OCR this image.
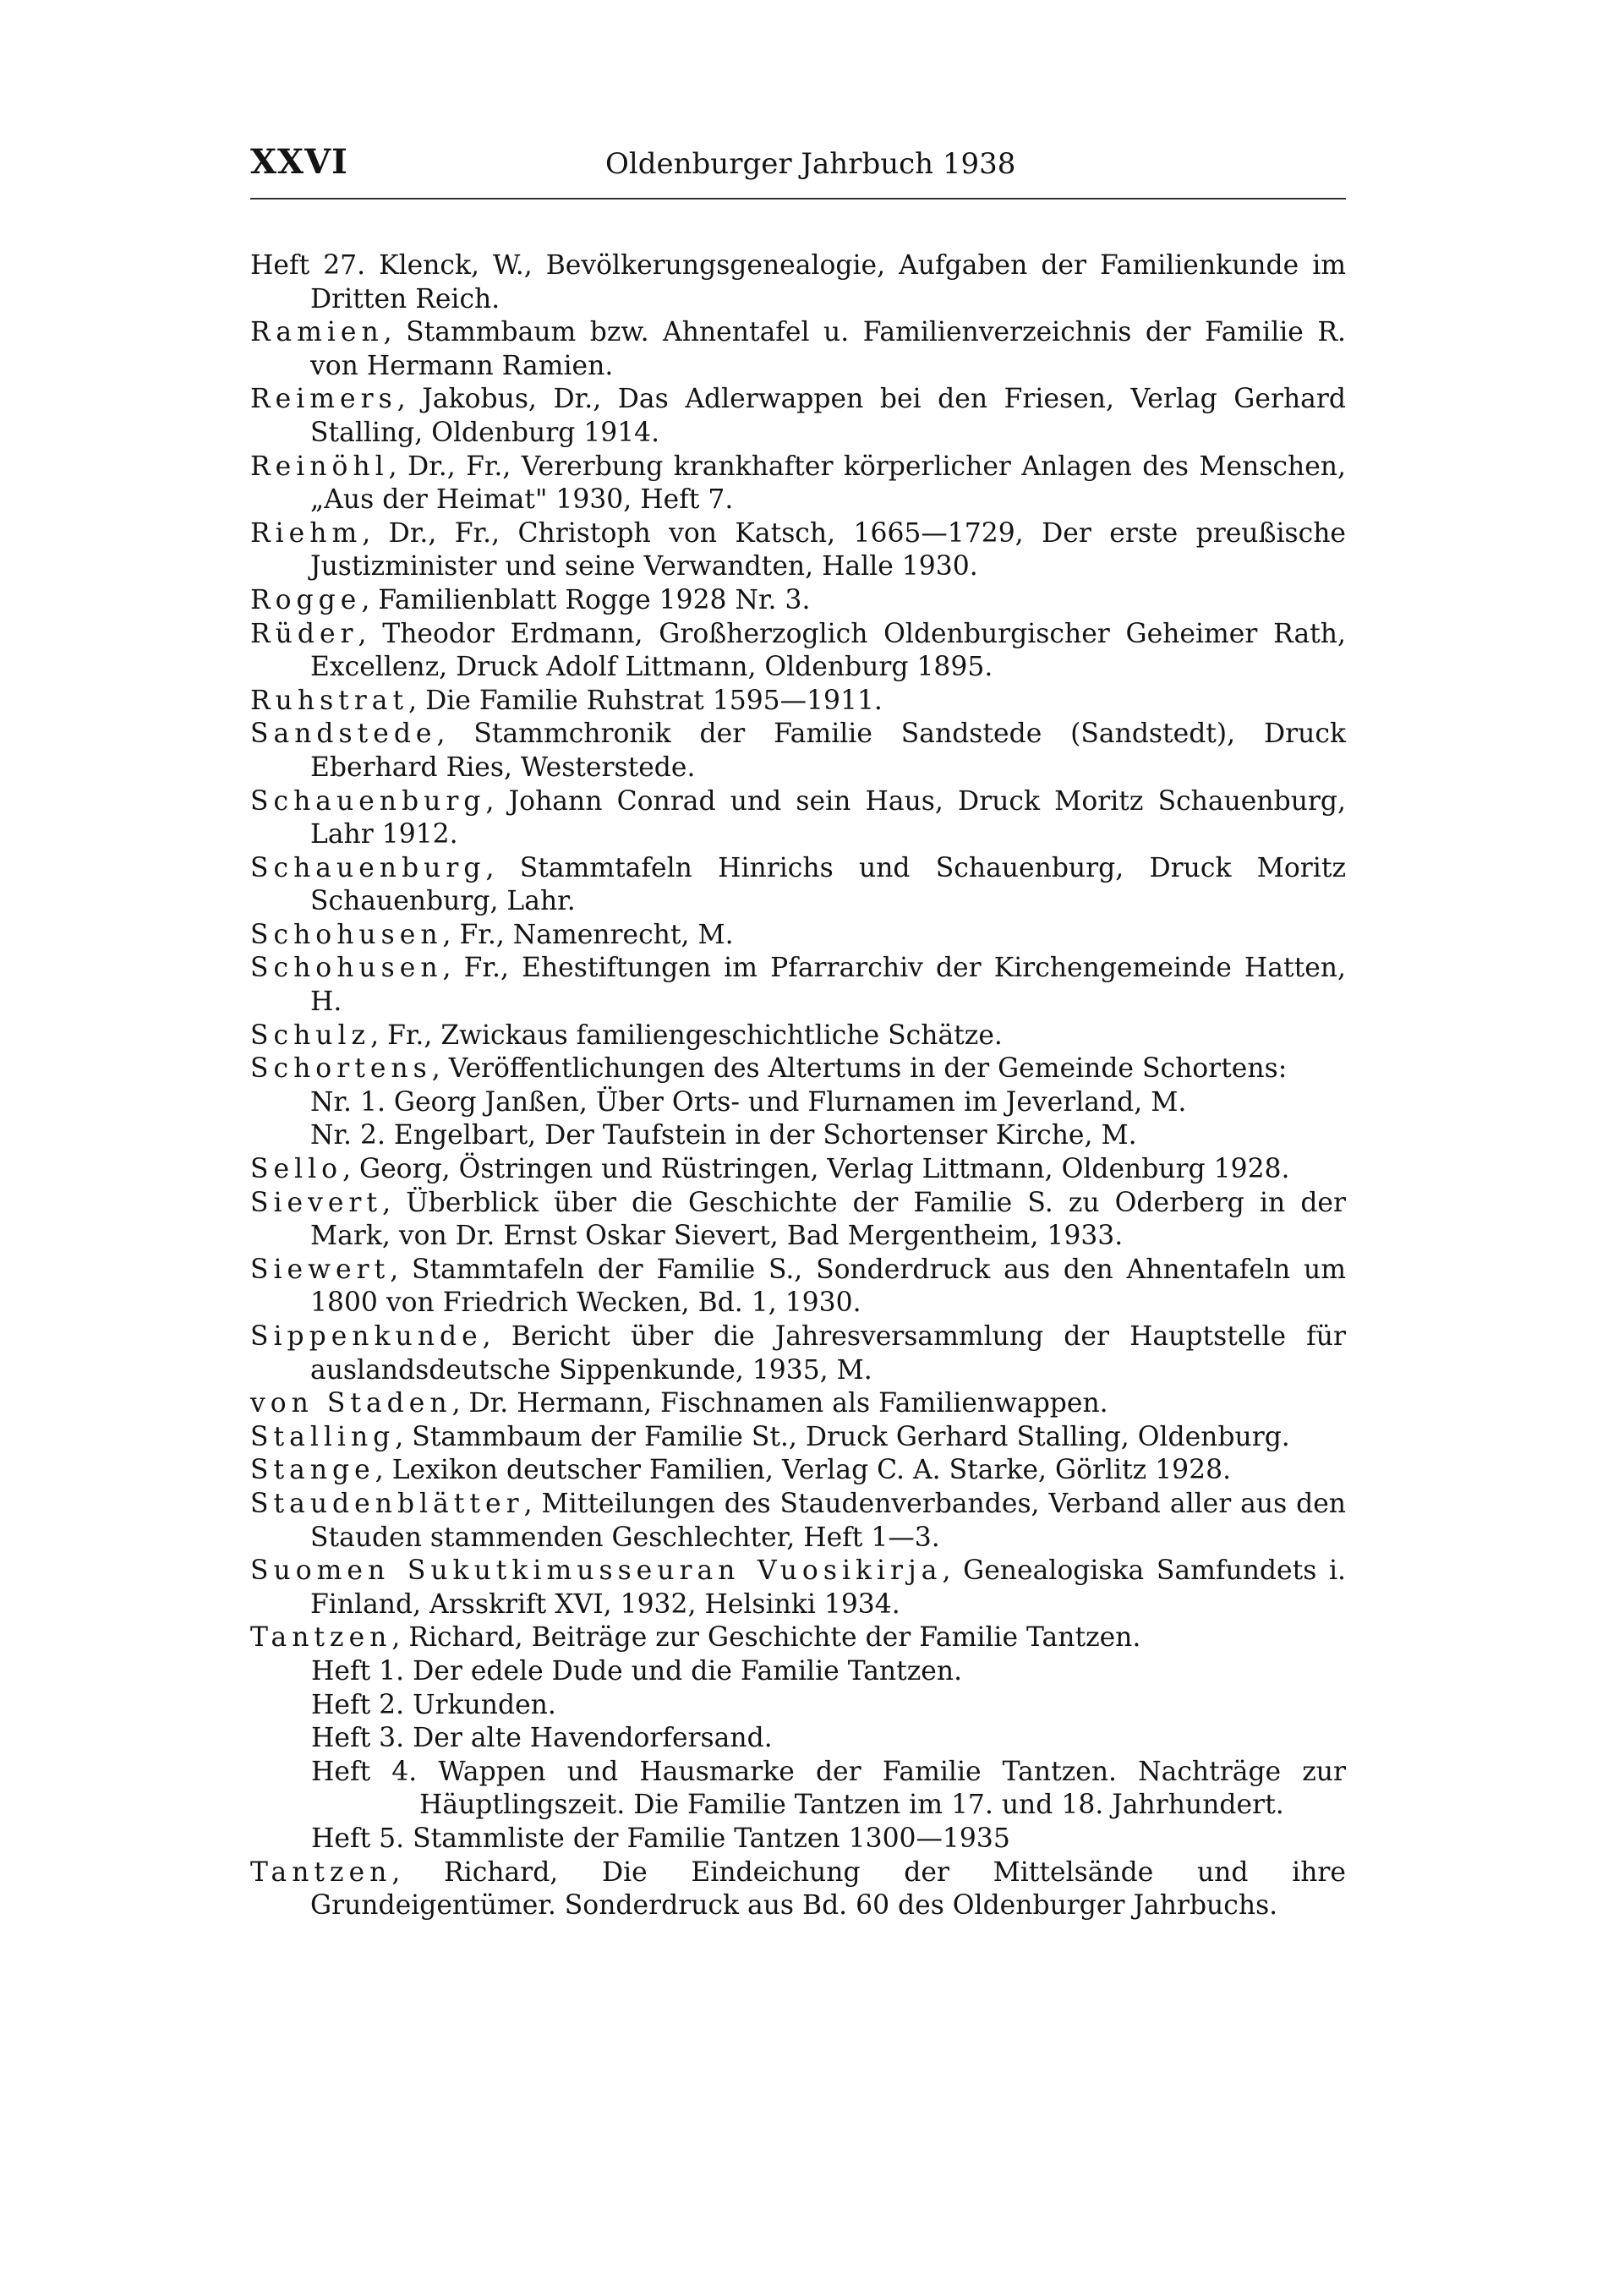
XXVI	Oldenburger Jahrbuch 1938

Heft 27. Klenck, W., Bevölkerungsgenealogie, Aufgaben der Familienkunde im Dritten Reich.

Ramien, Stammbaum bzw. Ahnentafel u. Familienverzeichnis der Familie R. von Hermann Ramien.

Reimers, Jakobus, Dr., Das Adlerwappen bei den Friesen, Verlag Gerhard Stalling, Oldenburg 1914.

Reinöhl, Dr., Fr., Vererbung krankhafter körperlicher Anlagen des Menschen, „Aus der Heimat" 1930, Heft 7.

Riehm, Dr., Fr., Christoph von Katsch, 1665—1729, Der erste preußische Justizminister und seine Verwandten, Halle 1930.

Rogge, Familienblatt Rogge 1928 Nr. 3.

Rüder, Theodor Erdmann, Großherzoglich Oldenburgischer Geheimer Rath, Excellenz, Druck Adolf Littmann, Oldenburg 1895.

Ruhstrat, Die Familie Ruhstrat 1595—1911.

Sandstede, Stammchronik der Familie Sandstede (Sandstedt), Druck Eberhard Ries, Westerstede.

Schauenburg, Johann Conrad und sein Haus, Druck Moritz Schauenburg, Lahr 1912.

Schauenburg, Stammtafeln Hinrichs und Schauenburg, Druck Moritz Schauenburg, Lahr.

Schohusen, Fr., Namenrecht, M.

Schohusen, Fr., Ehestiftungen im Pfarrarchiv der Kirchengemeinde Hatten, H.

Schulz, Fr., Zwickaus familiengeschichtliche Schätze.

Schortens, Veröffentlichungen des Altertums in der Gemeinde Schortens:

Nr. 1. Georg Janßen, Über Orts- und Flurnamen im Jeverland, M.

Nr. 2. Engelbart, Der Taufstein in der Schortenser Kirche, M.

Sello, Georg, Östringen und Rüstringen, Verlag Littmann, Oldenburg 1928.

Sievert, Überblick über die Geschichte der Familie S. zu Oderberg in der Mark, von Dr. Ernst Oskar Sievert, Bad Mergentheim, 1933.

Siewert, Stammtafeln der Familie S., Sonderdruck aus den Ahnentafeln um 1800 von Friedrich Wecken, Bd. 1, 1930.

Sippenkunde, Bericht über die Jahresversammlung der Hauptstelle für auslandsdeutsche Sippenkunde, 1935, M.

von Staden, Dr. Hermann, Fischnamen als Familienwappen.

Stalling, Stammbaum der Familie St., Druck Gerhard Stalling, Oldenburg.

Stange, Lexikon deutscher Familien, Verlag C. A. Starke, Görlitz 1928.

Staudenblätter, Mitteilungen des Staudenverbandes, Verband aller aus den Stauden stammenden Geschlechter, Heft 1—3.

Suomen Sukutkimusseuran Vuosikirja, Genealogiska Samfundets i. Finland, Arsskrift XVI, 1932, Helsinki 1934.

Tantzen, Richard, Beiträge zur Geschichte der Familie Tantzen.

Heft 1. Der edele Dude und die Familie Tantzen.

Heft 2. Urkunden.

Heft 3. Der alte Havendorfersand.

Heft 4. Wappen und Hausmarke der Familie Tantzen. Nachträge zur Häuptlingszeit. Die Familie Tantzen im 17. und 18. Jahrhundert.

Heft 5. Stammliste der Familie Tantzen 1300—1935

Tantzen, Richard, Die Eindeichung der Mittelsände und ihre Grundeigentümer. Sonderdruck aus Bd. 60 des Oldenburger Jahrbuchs.
